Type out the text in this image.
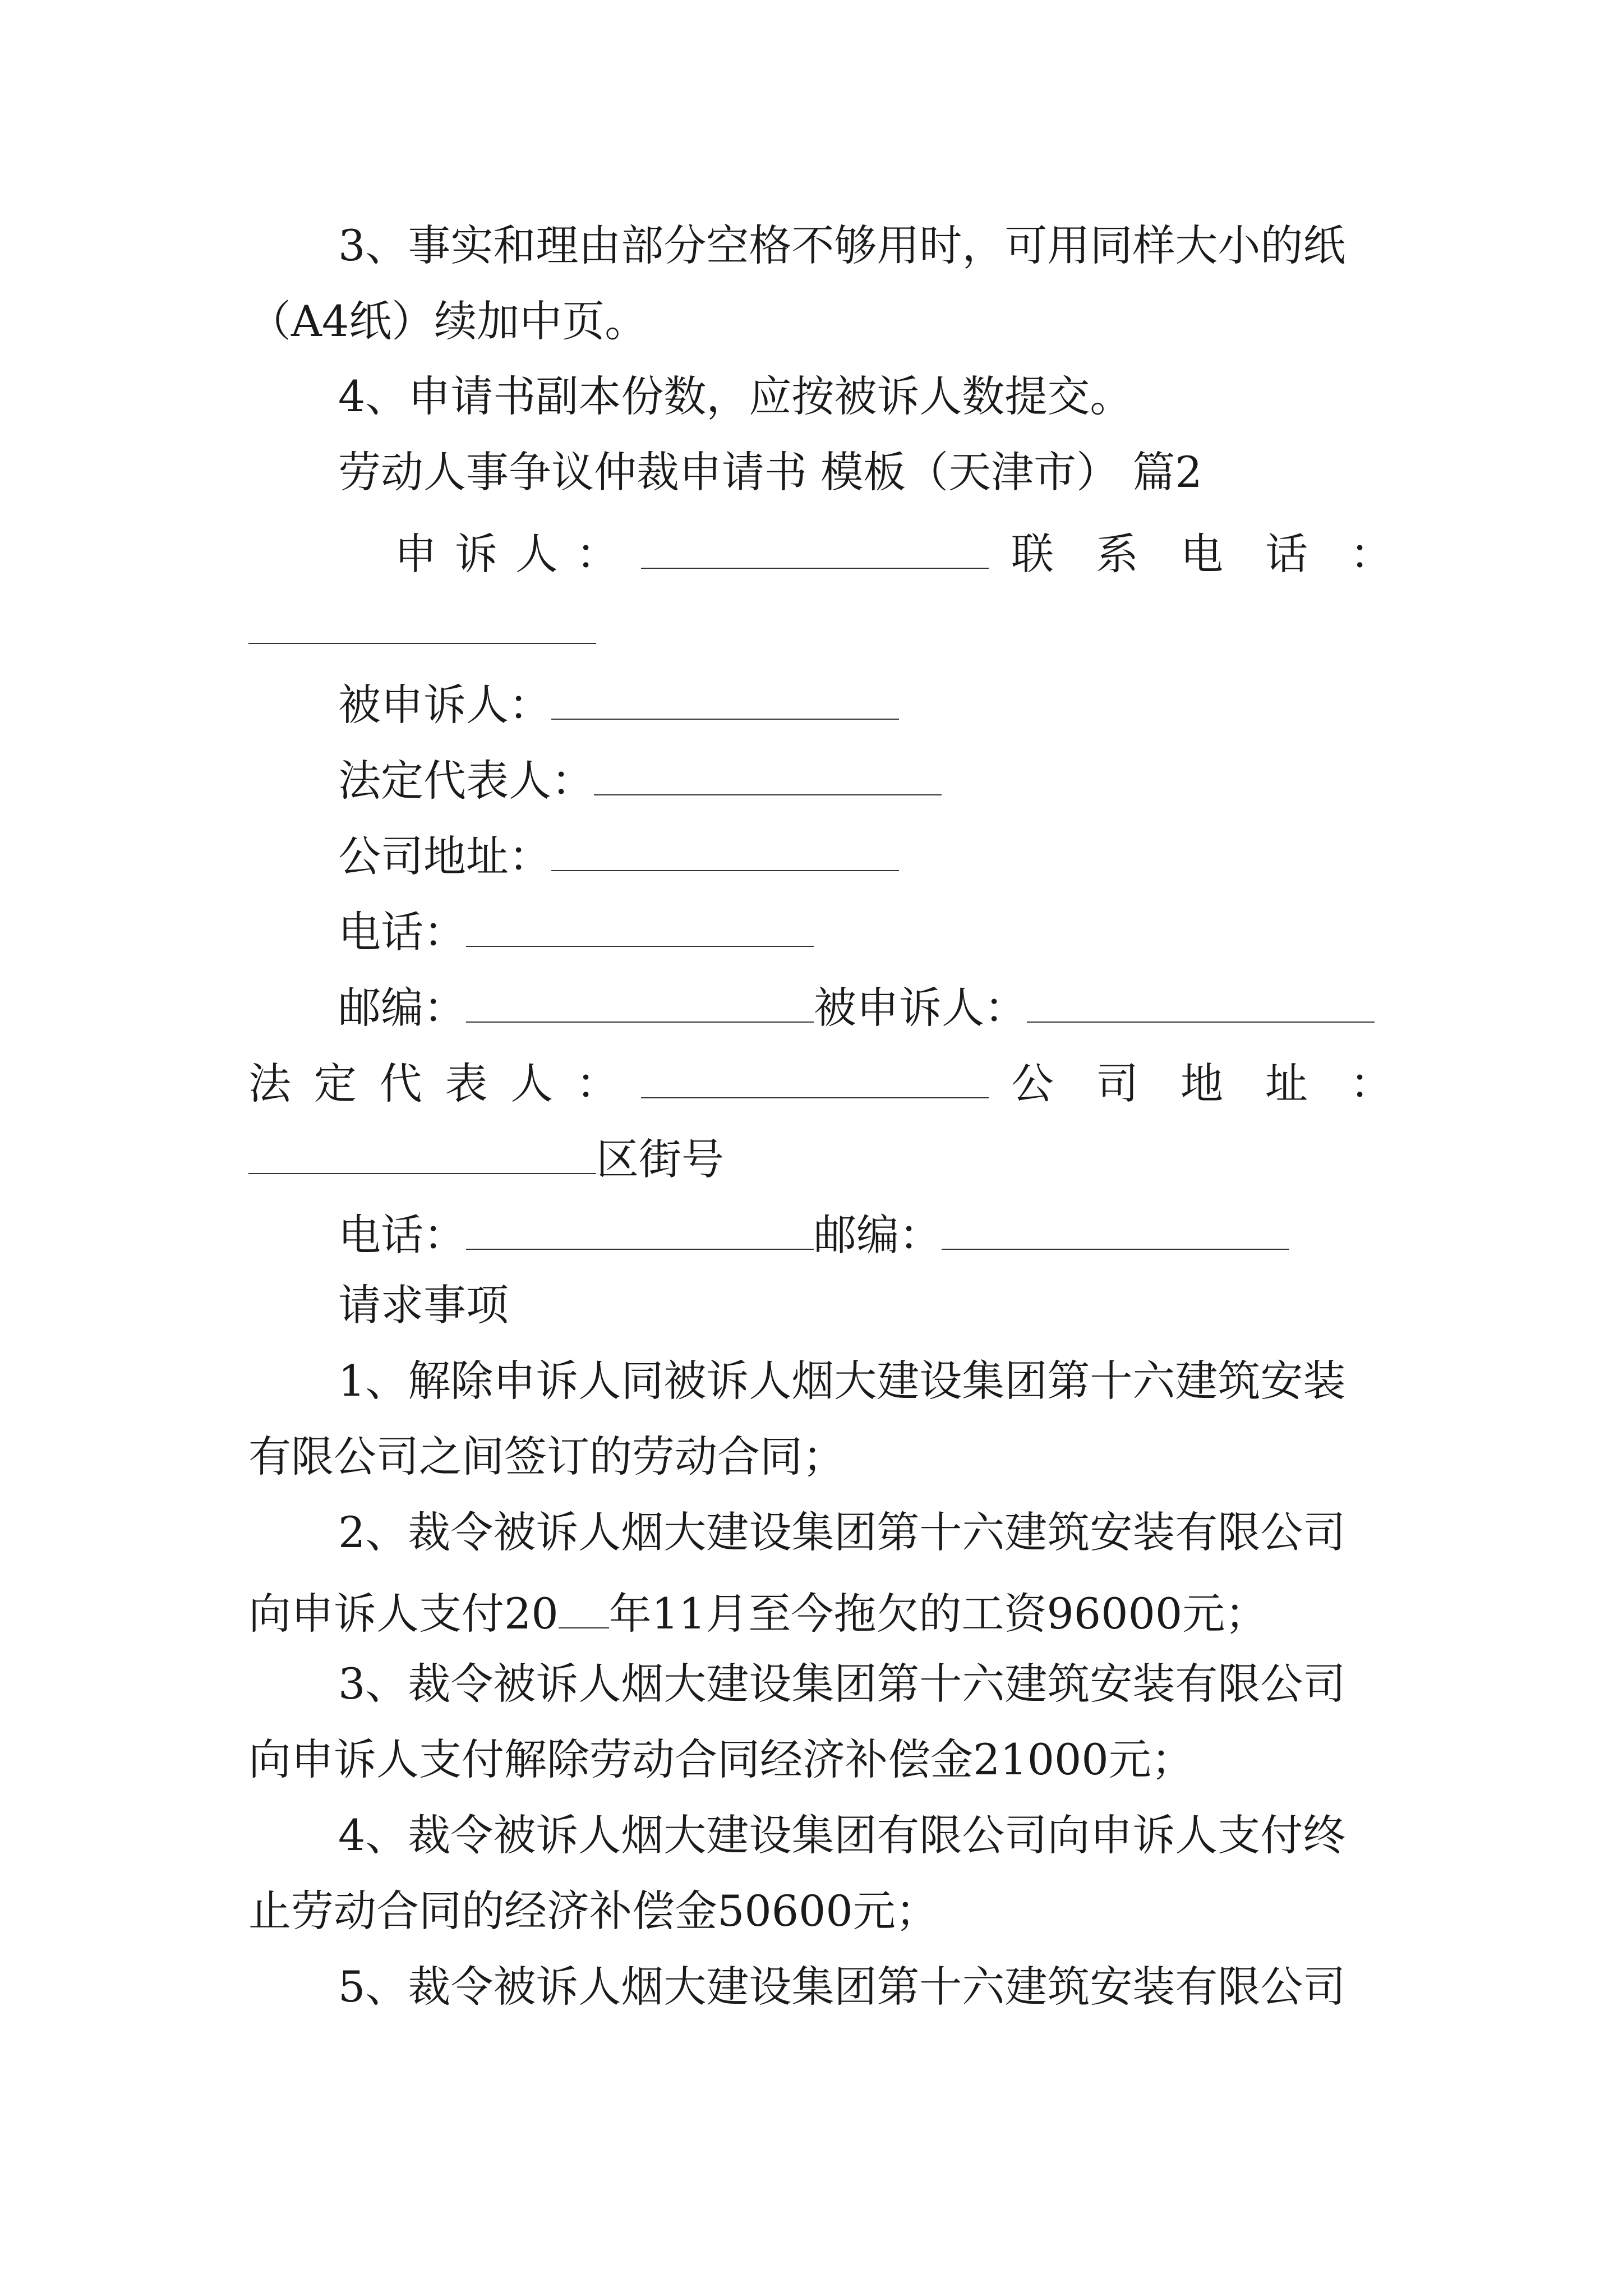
3、事实和理由部分空格不够用时，可用同样大小的纸
（A4纸）续加中页。
4、申请书副本份数，应按被诉人数提交。
劳动人事争议仲裁申请书 模板（天津市） 篇2
申 诉 人 ：	联 系 电 话 ：
被申诉人：
法定代表人：
公司地址：
电话：
邮编：	被申诉人：
法 定 代 表 人 ：	公 司 地 址 ：
区街号
电话：	邮编：
请求事项
1、解除申诉人同被诉人烟大建设集团第十六建筑安装
有限公司之间签订的劳动合同；
2、裁令被诉人烟大建设集团第十六建筑安装有限公司
向申诉人支付20 年11月至今拖欠的工资96000元；
3、裁令被诉人烟大建设集团第十六建筑安装有限公司
向申诉人支付解除劳动合同经济补偿金21000元；
4、裁令被诉人烟大建设集团有限公司向申诉人支付终
止劳动合同的经济补偿金50600元；
5、裁令被诉人烟大建设集团第十六建筑安装有限公司
